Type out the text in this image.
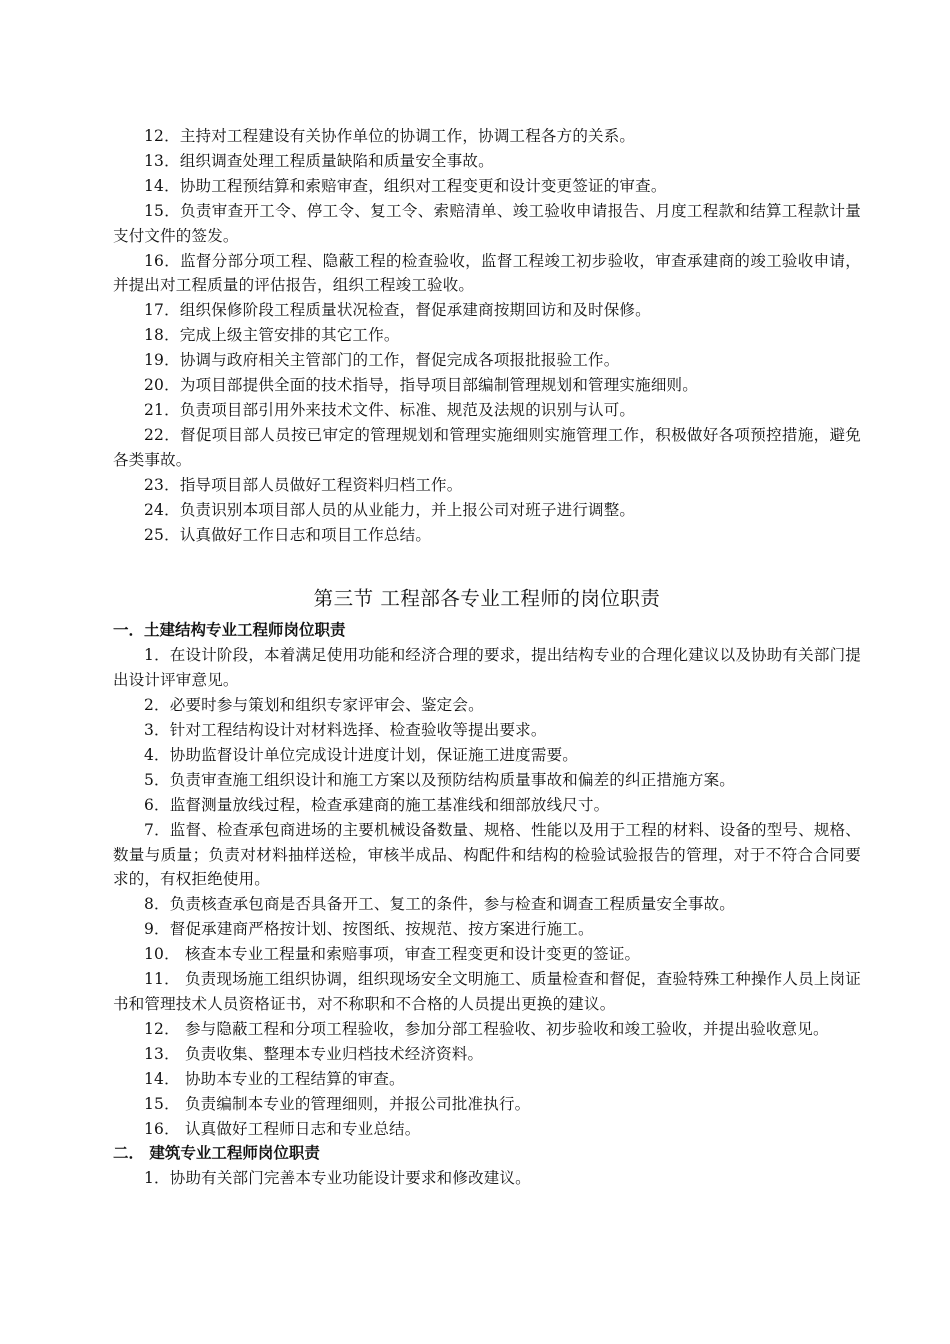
12．主持对工程建设有关协作单位的协调工作，协调工程各方的关系。

13．组织调查处理工程质量缺陷和质量安全事故。

14．协助工程预结算和索赔审查，组织对工程变更和设计变更签证的审查。

15．负责审查开工令、停工令、复工令、索赔清单、竣工验收申请报告、月度工程款和结算工程款计量支付文件的签发。

16．监督分部分项工程、隐蔽工程的检查验收，监督工程竣工初步验收，审查承建商的竣工验收申请，并提出对工程质量的评估报告，组织工程竣工验收。

17．组织保修阶段工程质量状况检查，督促承建商按期回访和及时保修。

18．完成上级主管安排的其它工作。

19．协调与政府相关主管部门的工作，督促完成各项报批报验工作。

20．为项目部提供全面的技术指导，指导项目部编制管理规划和管理实施细则。

21．负责项目部引用外来技术文件、标准、规范及法规的识别与认可。

22．督促项目部人员按已审定的管理规划和管理实施细则实施管理工作，积极做好各项预控措施，避免各类事故。

23．指导项目部人员做好工程资料归档工作。

24．负责识别本项目部人员的从业能力，并上报公司对班子进行调整。

25．认真做好工作日志和项目工作总结。

第三节 工程部各专业工程师的岗位职责

一．土建结构专业工程师岗位职责

1．在设计阶段，本着满足使用功能和经济合理的要求，提出结构专业的合理化建议以及协助有关部门提出设计评审意见。

2．必要时参与策划和组织专家评审会、鉴定会。

3．针对工程结构设计对材料选择、检查验收等提出要求。

4．协助监督设计单位完成设计进度计划，保证施工进度需要。

5．负责审查施工组织设计和施工方案以及预防结构质量事故和偏差的纠正措施方案。

6．监督测量放线过程，检查承建商的施工基准线和细部放线尺寸。

7．监督、检查承包商进场的主要机械设备数量、规格、性能以及用于工程的材料、设备的型号、规格、数量与质量；负责对材料抽样送检，审核半成品、构配件和结构的检验试验报告的管理，对于不符合合同要求的，有权拒绝使用。

8．负责核查承包商是否具备开工、复工的条件，参与检查和调查工程质量安全事故。

9．督促承建商严格按计划、按图纸、按规范、按方案进行施工。

10． 核查本专业工程量和索赔事项，审查工程变更和设计变更的签证。

11． 负责现场施工组织协调，组织现场安全文明施工、质量检查和督促，查验特殊工种操作人员上岗证书和管理技术人员资格证书，对不称职和不合格的人员提出更换的建议。

12． 参与隐蔽工程和分项工程验收，参加分部工程验收、初步验收和竣工验收，并提出验收意见。

13． 负责收集、整理本专业归档技术经济资料。

14． 协助本专业的工程结算的审查。

15． 负责编制本专业的管理细则，并报公司批准执行。

16． 认真做好工程师日志和专业总结。

二． 建筑专业工程师岗位职责

1．协助有关部门完善本专业功能设计要求和修改建议。
